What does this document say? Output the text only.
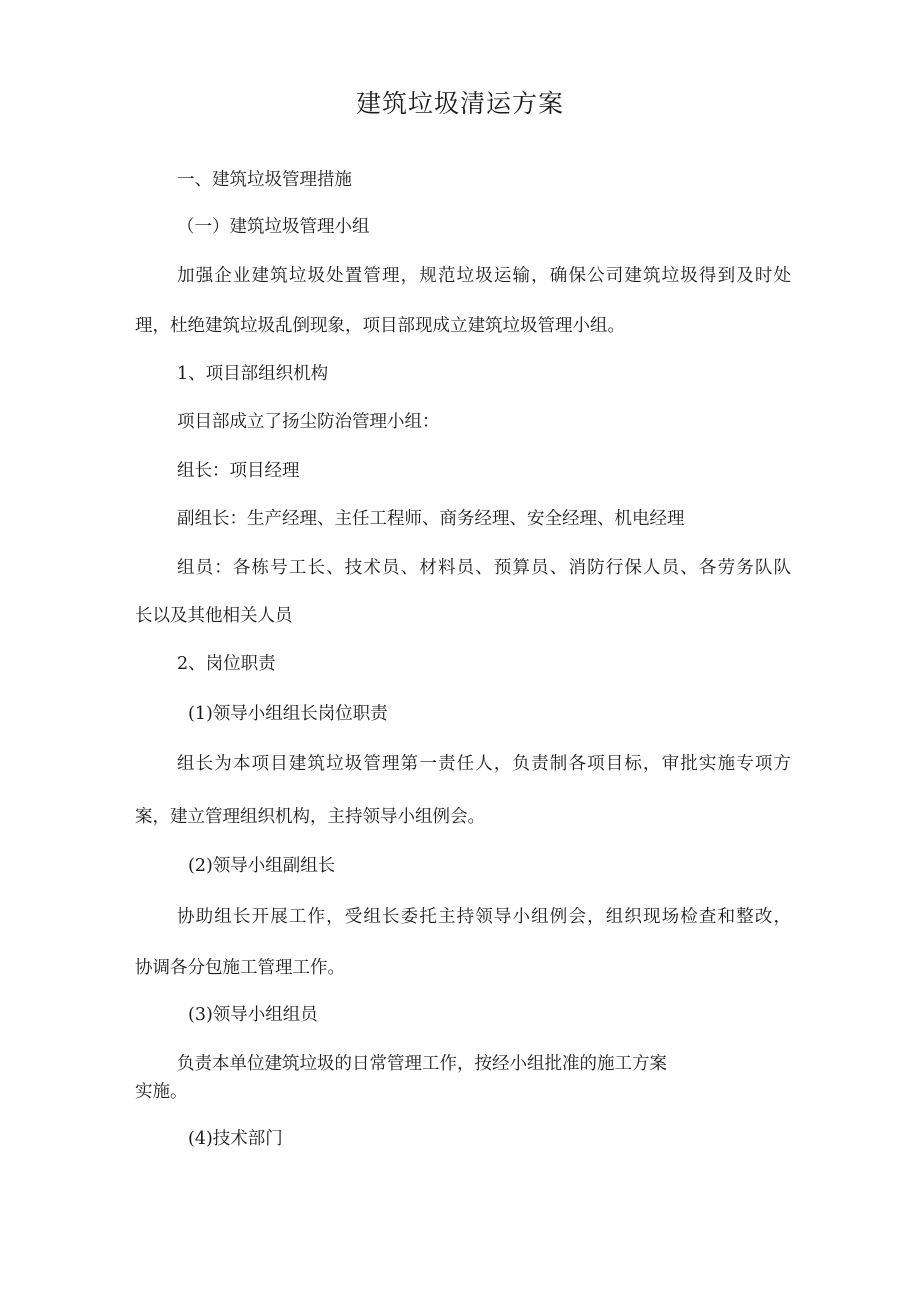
建筑垃圾清运方案
一、建筑垃圾管理措施
（一）建筑垃圾管理小组
加强企业建筑垃圾处置管理，规范垃圾运输，确保公司建筑垃圾得到及时处
理，杜绝建筑垃圾乱倒现象，项目部现成立建筑垃圾管理小组。
1、项目部组织机构
项目部成立了扬尘防治管理小组：
组长：项目经理
副组长：生产经理、主任工程师、商务经理、安全经理、机电经理
组员：各栋号工长、技术员、材料员、预算员、消防行保人员、各劳务队队
长以及其他相关人员
2、岗位职责
(1)领导小组组长岗位职责
组长为本项目建筑垃圾管理第一责任人，负责制各项目标，审批实施专项方
案，建立管理组织机构，主持领导小组例会。
(2)领导小组副组长
协助组长开展工作，受组长委托主持领导小组例会，组织现场检查和整改，
协调各分包施工管理工作。
(3)领导小组组员
负责本单位建筑垃圾的日常管理工作，按经小组批准的施工方案
实施。
(4)技术部门
